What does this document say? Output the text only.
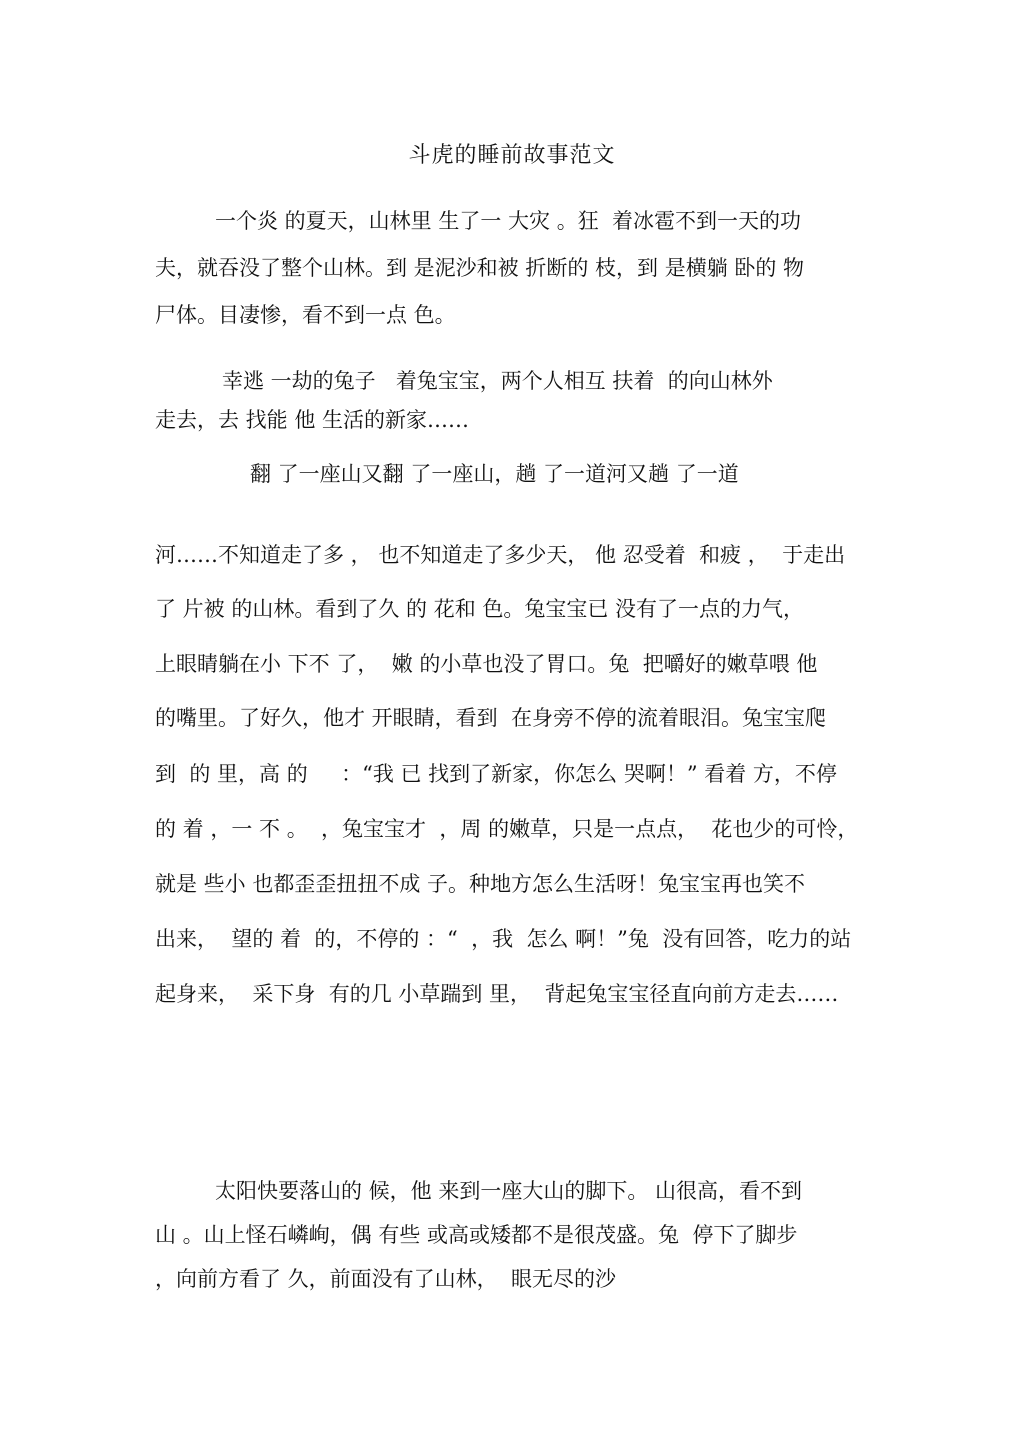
斗虎的睡前故事范文
一个炎 的夏天，山林里 生了一 大灾 。狂  着冰雹不到一天的功
夫，就吞没了整个山林。到 是泥沙和被 折断的 枝，到 是横躺 卧的 物
尸体。目凄惨，看不到一点 色。
幸逃 一劫的兔子   着兔宝宝，两个人相互 扶着  的向山林外
走去，去 找能 他 生活的新家……
翻 了一座山又翻 了一座山，趟 了一道河又趟 了一道
河……不知道走了多 ， 也不知道走了多少天， 他 忍受着  和疲 ，  于走出
了 片被 的山林。看到了久 的 花和 色。兔宝宝已 没有了一点的力气，
上眼睛躺在小 下不 了，  嫩 的小草也没了胃口。兔  把嚼好的嫩草喂 他
的嘴里。了好久，他才 开眼睛，看到  在身旁不停的流着眼泪。兔宝宝爬
到  的 里，高 的     ：“我 已 找到了新家，你怎么 哭啊！” 看着 方，不停
的 着 ，一 不 。  ，兔宝宝才  ，周 的嫩草，只是一点点，  花也少的可怜，
就是 些小 也都歪歪扭扭不成 子。种地方怎么生活呀！兔宝宝再也笑不
出来，  望的 着  的，不停的 ：“  ，我  怎么 啊！”兔  没有回答，吃力的站
起身来，  采下身  有的几 小草踹到 里，  背起兔宝宝径直向前方走去……
太阳快要落山的 候，他 来到一座大山的脚下。 山很高，看不到
山 。山上怪石嶙峋，偶 有些 或高或矮都不是很茂盛。兔  停下了脚步
，向前方看了 久，前面没有了山林，  眼无尽的沙
